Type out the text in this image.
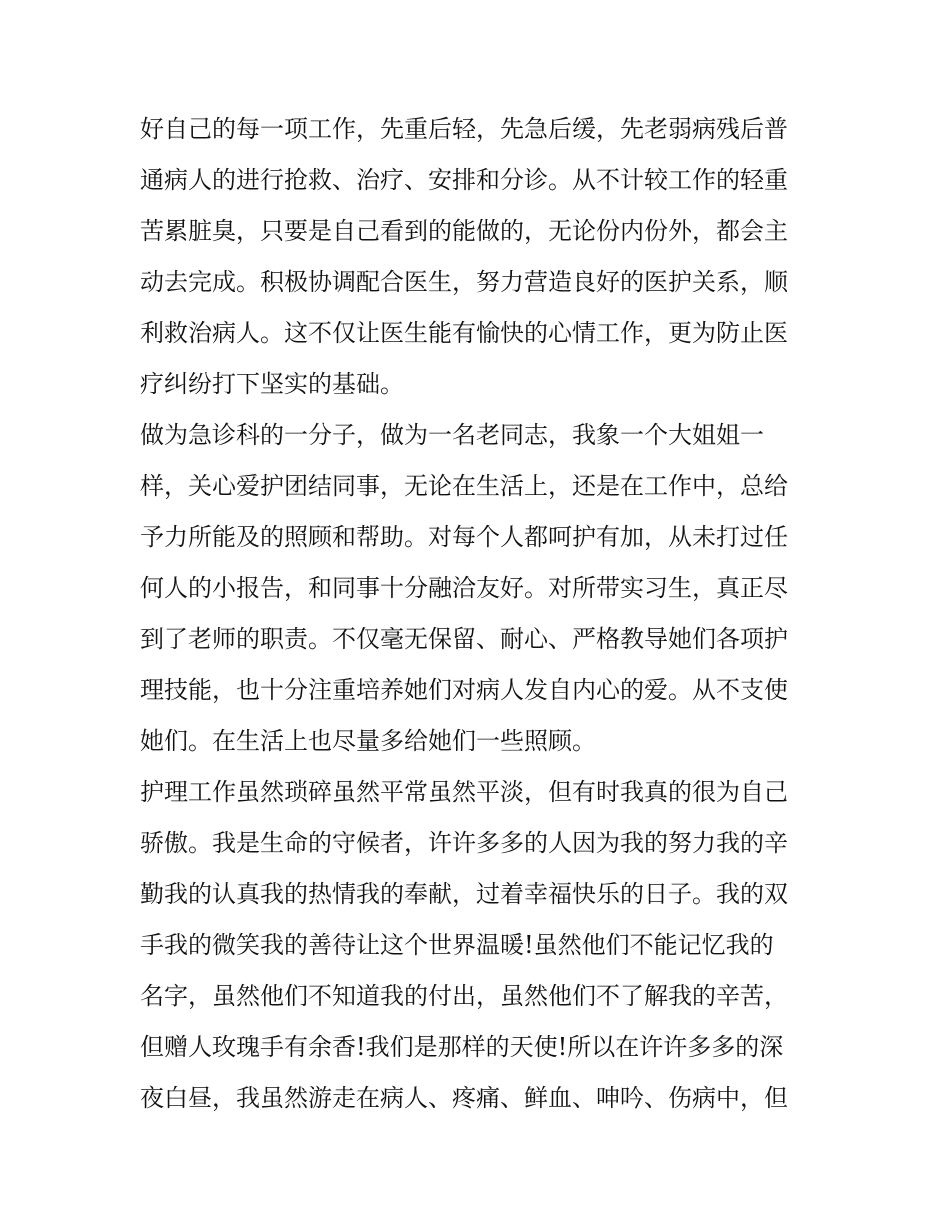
好自己的每一项工作，先重后轻，先急后缓，先老弱病残后普
通病人的进行抢救、治疗、安排和分诊。从不计较工作的轻重
苦累脏臭，只要是自己看到的能做的，无论份内份外，都会主
动去完成。积极协调配合医生，努力营造良好的医护关系，顺
利救治病人。这不仅让医生能有愉快的心情工作，更为防止医
疗纠纷打下坚实的基础。
做为急诊科的一分子，做为一名老同志，我象一个大姐姐一
样，关心爱护团结同事，无论在生活上，还是在工作中，总给
予力所能及的照顾和帮助。对每个人都呵护有加，从未打过任
何人的小报告，和同事十分融洽友好。对所带实习生，真正尽
到了老师的职责。不仅毫无保留、耐心、严格教导她们各项护
理技能，也十分注重培养她们对病人发自内心的爱。从不支使
她们。在生活上也尽量多给她们一些照顾。
护理工作虽然琐碎虽然平常虽然平淡，但有时我真的很为自己
骄傲。我是生命的守候者，许许多多的人因为我的努力我的辛
勤我的认真我的热情我的奉献，过着幸福快乐的日子。我的双
手我的微笑我的善待让这个世界温暖!虽然他们不能记忆我的
名字，虽然他们不知道我的付出，虽然他们不了解我的辛苦，
但赠人玫瑰手有余香!我们是那样的天使!所以在许许多多的深
夜白昼，我虽然游走在病人、疼痛、鲜血、呻吟、伤病中，但
